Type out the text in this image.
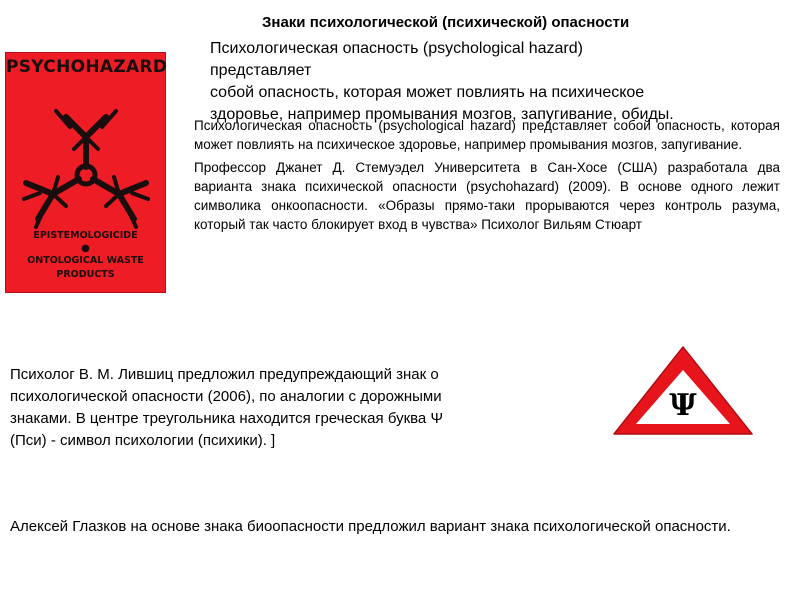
Знаки психологической (психической) опасности
Психологическая опасность (psychological hazard)
представляет
собой опасность, которая может повлиять на психическое
здоровье, например промывания мозгов, запугивание, обиды.

Психологическая опасность (psychological hazard) представляет собой опасность, которая может повлиять на психическое здоровье, например промывания мозгов, запугивание.

Профессор Джанет Д. Стемуэдел Университета в Сан-Хосе (США) разработала два варианта знака психической опасности (psychohazard) (2009). В основе одного лежит символика онкоопасности. «Образы прямо-таки прорываются через контроль разума, который так часто блокирует вход в чувства» Психолог Вильям Стюарт

PSYCHOHAZARD
EPISTEMOLOGICIDE
●
ONTOLOGICAL WASTE
PRODUCTS
Психолог В. М. Лившиц предложил предупреждающий знак о
психологической опасности (2006), по аналогии с дорожными
знаками. В центре треугольника находится греческая буква Ψ
(Пси) - символ психологии (психики). ]
Ψ
Алексей Глазков на основе знака биоопасности предложил вариант знака психологической опасности.
